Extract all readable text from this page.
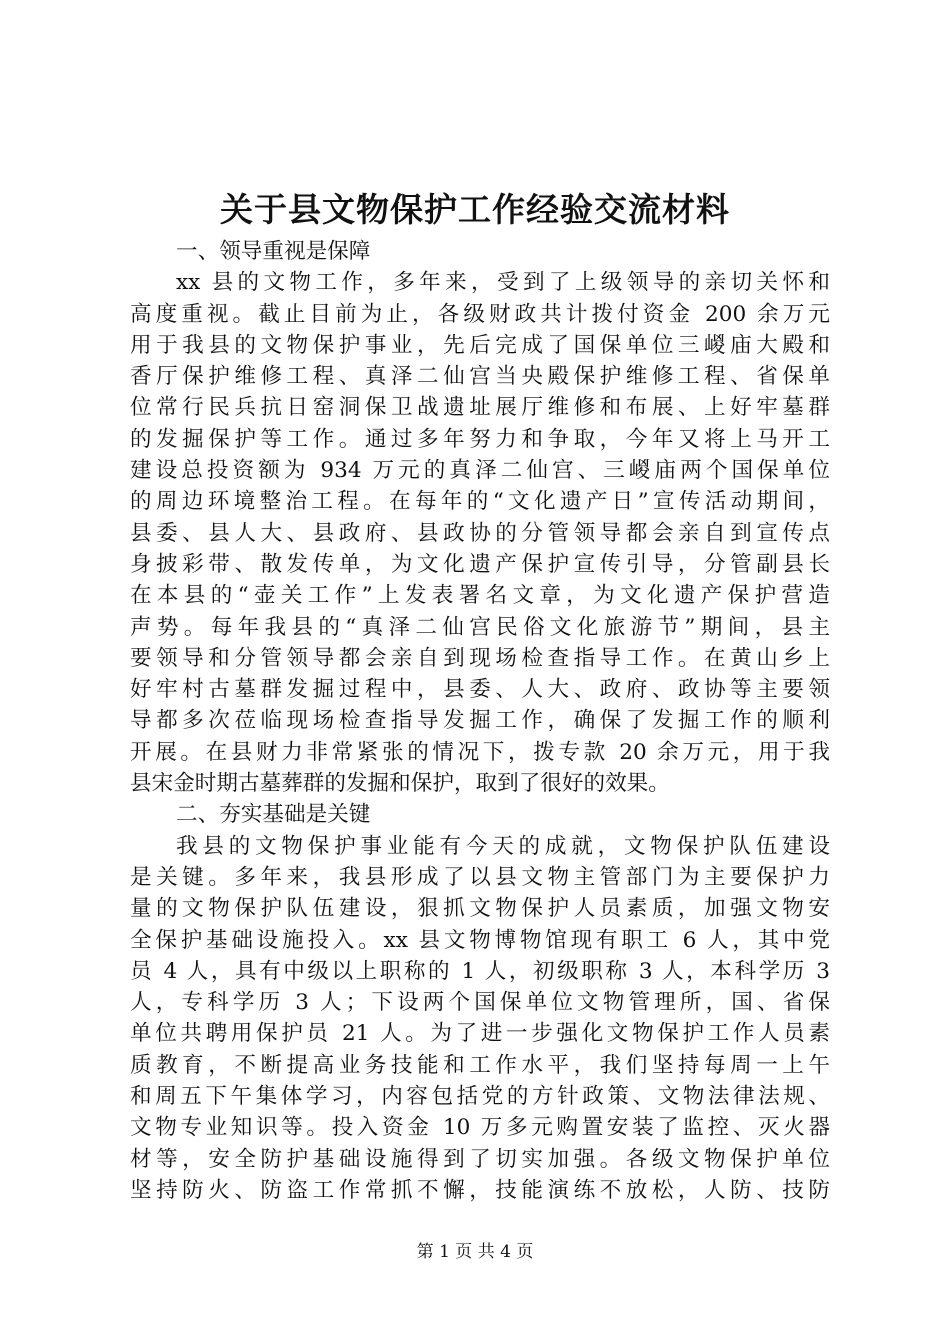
关于县文物保护工作经验交流材料
一、领导重视是保障
xx 县的文物工作，多年来，受到了上级领导的亲切关怀和
高度重视。截止目前为止，各级财政共计拨付资金 200 余万元
用于我县的文物保护事业，先后完成了国保单位三嵕庙大殿和
香厅保护维修工程、真泽二仙宫当央殿保护维修工程、省保单
位常行民兵抗日窑洞保卫战遗址展厅维修和布展、上好牢墓群
的发掘保护等工作。通过多年努力和争取，今年又将上马开工
建设总投资额为 934 万元的真泽二仙宫、三嵕庙两个国保单位
的周边环境整治工程。在每年的“文化遗产日”宣传活动期间，
县委、县人大、县政府、县政协的分管领导都会亲自到宣传点
身披彩带、散发传单，为文化遗产保护宣传引导，分管副县长
在本县的“壶关工作”上发表署名文章，为文化遗产保护营造
声势。每年我县的“真泽二仙宫民俗文化旅游节”期间，县主
要领导和分管领导都会亲自到现场检查指导工作。在黄山乡上
好牢村古墓群发掘过程中，县委、人大、政府、政协等主要领
导都多次莅临现场检查指导发掘工作，确保了发掘工作的顺利
开展。在县财力非常紧张的情况下，拨专款 20 余万元，用于我
县宋金时期古墓葬群的发掘和保护，取到了很好的效果。
二、夯实基础是关键
我县的文物保护事业能有今天的成就，文物保护队伍建设
是关键。多年来，我县形成了以县文物主管部门为主要保护力
量的文物保护队伍建设，狠抓文物保护人员素质，加强文物安
全保护基础设施投入。xx 县文物博物馆现有职工 6 人，其中党
员 4 人，具有中级以上职称的 1 人，初级职称 3 人，本科学历 3
人，专科学历 3 人；下设两个国保单位文物管理所，国、省保
单位共聘用保护员 21 人。为了进一步强化文物保护工作人员素
质教育，不断提高业务技能和工作水平，我们坚持每周一上午
和周五下午集体学习，内容包括党的方针政策、文物法律法规、
文物专业知识等。投入资金 10 万多元购置安装了监控、灭火器
材等，安全防护基础设施得到了切实加强。各级文物保护单位
坚持防火、防盗工作常抓不懈，技能演练不放松，人防、技防
第 1 页 共 4 页
